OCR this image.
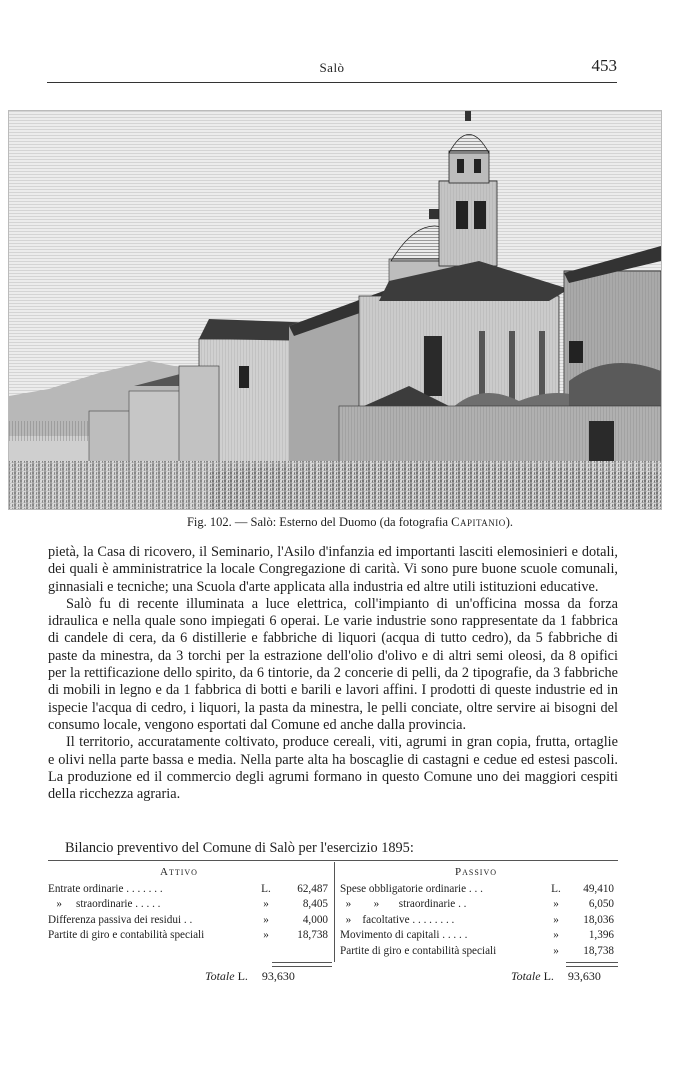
Salò	453
Fig. 102. — Salò: Esterno del Duomo (da fotografia Capitanio).

pietà, la Casa di ricovero, il Seminario, l'Asilo d'infanzia ed importanti lasciti elemosinieri e dotali, dei quali è amministratrice la locale Congregazione di carità. Vi sono pure buone scuole comunali, ginnasiali e tecniche; una Scuola d'arte applicata alla industria ed altre utili istituzioni educative.

Salò fu di recente illuminata a luce elettrica, coll'impianto di un'officina mossa da forza idraulica e nella quale sono impiegati 6 operai. Le varie industrie sono rappresentate da 1 fabbrica di candele di cera, da 6 distillerie e fabbriche di liquori (acqua di tutto cedro), da 5 fabbriche di paste da minestra, da 3 torchi per la estrazione dell'olio d'olivo e di altri semi oleosi, da 8 opifici per la rettificazione dello spirito, da 6 tintorie, da 2 concerie di pelli, da 2 tipografie, da 3 fabbriche di mobili in legno e da 1 fabbrica di botti e barili e lavori affini. I prodotti di queste industrie ed in ispecie l'acqua di cedro, i liquori, la pasta da minestra, le pelli conciate, oltre servire ai bisogni del consumo locale, vengono esportati dal Comune ed anche dalla provincia.

Il territorio, accuratamente coltivato, produce cereali, viti, agrumi in gran copia, frutta, ortaglie e olivi nella parte bassa e media. Nella parte alta ha boscaglie di castagni e cedue ed estesi pascoli. La produzione ed il commercio degli agrumi formano in questo Comune uno dei maggiori cespiti della ricchezza agraria.

Bilancio preventivo del Comune di Salò per l'esercizio 1895:
Attivo	Passivo
Entrate ordinarie . . . . . . .	L.	62,487
»     straordinarie . . . . .	»	8,405
Differenza passiva dei residui . .	»	4,000
Partite di giro e contabilità speciali	»	18,738
Spese obbligatorie ordinarie . . .	L.	49,410
»        »       straordinarie . .	»	6,050
»    facoltative . . . . . . . .	»	18,036
Movimento di capitali . . . . .	»	1,396
Partite di giro e contabilità speciali	»	18,738
Totale L. 93,630	Totale L. 93,630
